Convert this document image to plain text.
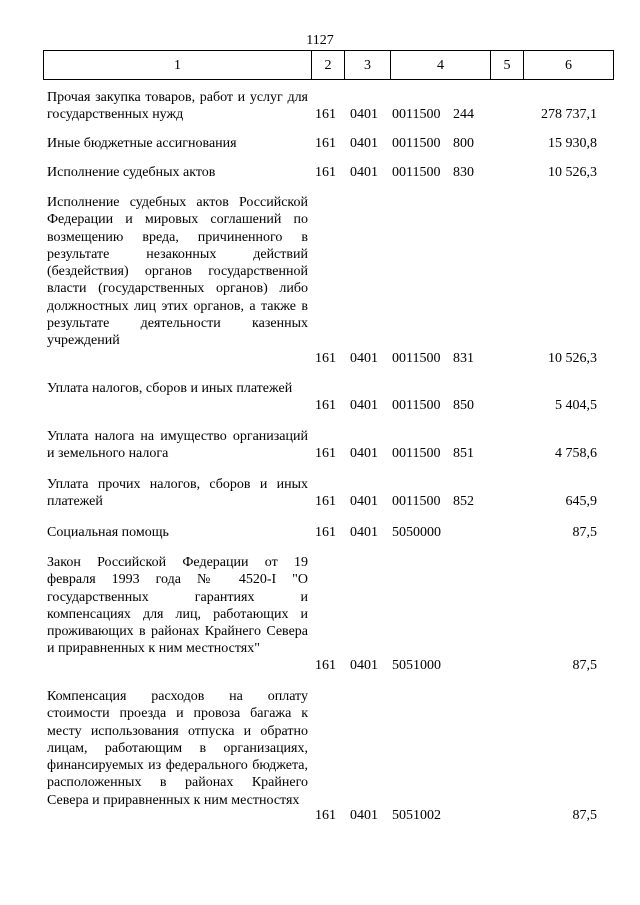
1127
1	2	3	4	5	6
Прочая закупка товаров, работ и услуг для государственных нужд	161 0401 0011500 244	278 737,1
Иные бюджетные ассигнования	161 0401 0011500 800	15 930,8
Исполнение судебных актов	161 0401 0011500 830	10 526,3
Исполнение судебных актов Российской Федерации и мировых соглашений по возмещению вреда, причиненного в результате незаконных действий (бездействия) органов государственной власти (государственных органов) либо должностных лиц этих органов, а также в результате деятельности казенных учреждений
161 0401 0011500 831	10 526,3
Уплата налогов, сборов и иных платежей
161 0401 0011500 850	5 404,5
Уплата налога на имущество организаций и земельного налога	161 0401 0011500 851	4 758,6
Уплата прочих налогов, сборов и иных платежей	161 0401 0011500 852	645,9
Социальная помощь	161 0401 5050000	87,5
Закон Российской Федерации от 19 февраля 1993 года № 4520-I "О государственных гарантиях и компенсациях для лиц, работающих и проживающих в районах Крайнего Севера и приравненных к ним местностях"
161 0401 5051000	87,5
Компенсация расходов на оплату стоимости проезда и провоза багажа к месту использования отпуска и обратно лицам, работающим в организациях, финансируемых из федерального бюджета, расположенных в районах Крайнего Севера и приравненных к ним местностях
161 0401 5051002	87,5
